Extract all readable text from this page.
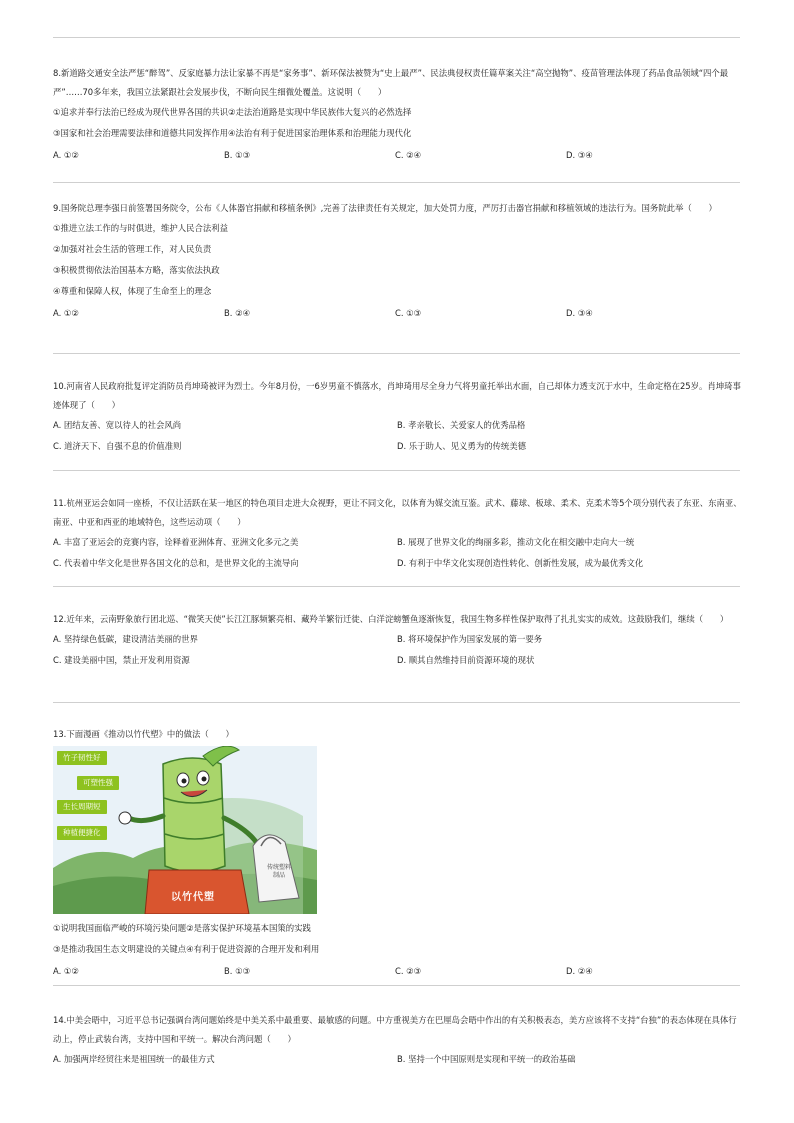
8.新道路交通安全法严惩“醉驾”、反家庭暴力法让家暴不再是“家务事”、新环保法被赞为“史上最严”、民法典侵权责任篇草案关注“高空抛物”、疫苗管理法体现了药品食品领域“四个最严”……70多年来，我国立法紧跟社会发展步伐，不断向民生细微处覆盖。这说明（　　）

①追求并奉行法治已经成为现代世界各国的共识②走法治道路是实现中华民族伟大复兴的必然选择

③国家和社会治理需要法律和道德共同发挥作用④法治有利于促进国家治理体系和治理能力现代化

A. ①②	B. ①③	C. ②④	D. ③④

9.国务院总理李强日前签署国务院令，公布《人体器官捐献和移植条例》,完善了法律责任有关规定，加大处罚力度，严厉打击器官捐献和移植领域的违法行为。国务院此举（　　）

①推进立法工作的与时俱进，维护人民合法利益

②加强对社会生活的管理工作，对人民负责

③积极贯彻依法治国基本方略，落实依法执政

④尊重和保障人权，体现了生命至上的理念

A. ①②	B. ②④	C. ①③	D. ③④

10.河南省人民政府批复评定消防员肖坤琦被评为烈士。今年8月份，一6岁男童不慎落水，肖坤琦用尽全身力气将男童托举出水面，自己却体力透支沉于水中，生命定格在25岁。肖坤琦事迹体现了（　　）

A. 团结友善、宽以待人的社会风尚	B. 孝亲敬长、关爱家人的优秀品格
C. 道济天下、自强不息的价值准则	D. 乐于助人、见义勇为的传统美德

11.杭州亚运会如同一座桥，不仅让活跃在某一地区的特色项目走进大众视野，更让不同文化，以体育为媒交流互鉴。武术、藤球、板球、柔术、克柔术等5个项分别代表了东亚、东南亚、南亚、中亚和西亚的地域特色，这些运动项（　　）

A. 丰富了亚运会的竞赛内容，诠释着亚洲体育、亚洲文化多元之美	B. 展现了世界文化的绚丽多彩，推动文化在相交融中走向大一统
C. 代表着中华文化是世界各国文化的总和，是世界文化的主流导向	D. 有利于中华文化实现创造性转化、创新性发展，成为最优秀文化

12.近年来，云南野象旅行团北巡、“微笑天使”长江江豚频繁亮相、藏羚羊繁衍迁徙、白洋淀螃蟹鱼逐渐恢复，我国生物多样性保护取得了扎扎实实的成效。这鼓励我们，继续（　　）

A. 坚持绿色低碳，建设清洁美丽的世界	B. 将环境保护作为国家发展的第一要务
C. 建设美丽中国，禁止开发利用资源	D. 顺其自然维持目前资源环境的现状

13.下面漫画《推动以竹代塑》中的做法（　　）

竹子韧性好
可塑性强
生长周期短
种植便捷化
以竹代塑
传统塑料制品

①说明我国面临严峻的环境污染问题②是落实保护环境基本国策的实践

③是推动我国生态文明建设的关键点④有利于促进资源的合理开发和利用

A. ①②	B. ①③	C. ②③	D. ②④

14.中美会晤中，习近平总书记强调台湾问题始终是中美关系中最重要、最敏感的问题。中方重视美方在巴厘岛会晤中作出的有关积极表态，美方应该将不支持“台独”的表态体现在具体行动上，停止武装台湾，支持中国和平统一。解决台湾问题（　　）

A. 加强两岸经贸往来是祖国统一的最佳方式	B. 坚持一个中国原则是实现和平统一的政治基础
